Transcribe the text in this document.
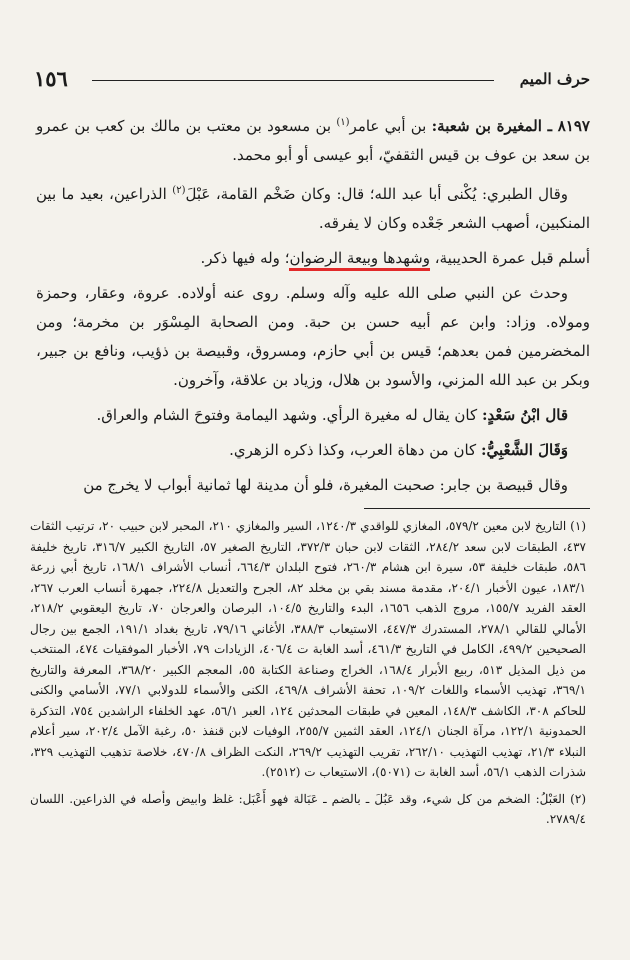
١٥٦	حرف الميم

٨١٩٧ ـ المغيرة بن شعبة: بن أبي عامر$^{(١)}$ بن مسعود بن معتب بن مالك بن كعب بن عمرو بن سعد بن عوف بن قيس الثقفيّ، أبو عيسى أو أبو محمد.

وقال الطبري: يُكْنى أبا عبد الله؛ قال: وكان ضَخْم القامة، عَبْلَ$^{(٢)}$ الذراعين، بعيد ما بين المنكبين، أصهب الشعر جَعْده وكان لا يفرقه.

أسلم قبل عمرة الحديبية، وشهدها وبيعة الرضوان؛ وله فيها ذكر.

وحدث عن النبي صلى الله عليه وآله وسلم. روى عنه أولاده. عروة، وعقار، وحمزة ومولاه. وزاد: وابن عم أبيه حسن بن حبة. ومن الصحابة المِسْوَر بن مخرمة؛ ومن المخضرمين فمن بعدهم؛ قيس بن أبي حازم، ومسروق، وقبيصة بن ذؤيب، ونافع بن جبير، وبكر بن عبد الله المزني، والأسود بن هلال، وزياد بن علاقة، وآخرون.

قال ابْنُ سَعْدٍ: كان يقال له مغيرة الرأي. وشهد اليمامة وفتوحَ الشام والعراق.

وَقَالَ الشَّعْبِيُّ: كان من دهاة العرب، وكذا ذكره الزهري.

وقال قبيصة بن جابر: صحبت المغيرة، فلو أن مدينة لها ثمانية أبواب لا يخرج من

(١) التاريخ لابن معين ٥٧٩/٢، المغازي للواقدي ١٢٤٠/٣، السير والمغازي ٢١٠، المحبر لابن حبيب ٢٠، ترتيب الثقات ٤٣٧، الطبقات لابن سعد ٢٨٤/٢، الثقات لابن حبان ٣٧٢/٣، التاريخ الصغير ٥٧، التاريخ الكبير ٣١٦/٧، تاريخ خليفة ٥٨٦، طبقات خليفة ٥٣، سيرة ابن هشام ٢٦٠/٣، فتوح البلدان ٦٦٤/٣، أنساب الأشراف ١٦٨/١، تاريخ أبي زرعة ١٨٣/١، عيون الأخبار ٢٠٤/١، مقدمة مسند بقي بن مخلد ٨٢، الجرح والتعديل ٢٢٤/٨، جمهرة أنساب العرب ٢٦٧، العقد الفريد ١٥٥/٧، مروج الذهب ١٦٥٦، البدء والتاريخ ١٠٤/٥، البرصان والعرجان ٧٠، تاريخ اليعقوبي ٢١٨/٢، الأمالي للقالي ٢٧٨/١، المستدرك ٤٤٧/٣، الاستيعاب ٣٨٨/٣، الأغاني ٧٩/١٦، تاريخ بغداد ١٩١/١، الجمع بين رجال الصحيحين ٤٩٩/٢، الكامل في التاريخ ٤٦١/٣، أسد الغابة ت ٤٠٦/٤، الزيادات ٧٩، الأخبار الموفقيات ٤٧٤، المنتخب من ذيل المذيل ٥١٣، ربيع الأبرار ١٦٨/٤، الخراج وصناعة الكتابة ٥٥، المعجم الكبير ٣٦٨/٢٠، المعرفة والتاريخ ٣٦٩/١، تهذيب الأسماء واللغات ١٠٩/٢، تحفة الأشراف ٤٦٩/٨، الكنى والأسماء للدولابي ٧٧/١، الأسامي والكنى للحاكم ٣٠٨، الكاشف ١٤٨/٣، المعين في طبقات المحدثين ١٢٤، العبر ٥٦/١، عهد الخلفاء الراشدين ٧٥٤، التذكرة الحمدونية ١٢٢/١، مرآة الجنان ١٢٤/١، العقد الثمين ٢٥٥/٧، الوفيات لابن قنفذ ٥٠، رغبة الآمل ٢٠٢/٤، سير أعلام النبلاء ٢١/٣، تهذيب التهذيب ٢٦٢/١٠، تقريب التهذيب ٢٦٩/٢، النكت الظراف ٤٧٠/٨، خلاصة تذهيب التهذيب ٣٢٩، شذرات الذهب ٥٦/١، أسد الغابة ت (٥٠٧١)، الاستيعاب ت (٢٥١٢).

(٢) العَبْلُ: الضخم من كل شيء، وقد عَبُلَ ـ بالضم ـ عَبَالة فهو أَعْبَل: غلظ وابيض وأصله في الذراعين. اللسان ٢٧٨٩/٤.
